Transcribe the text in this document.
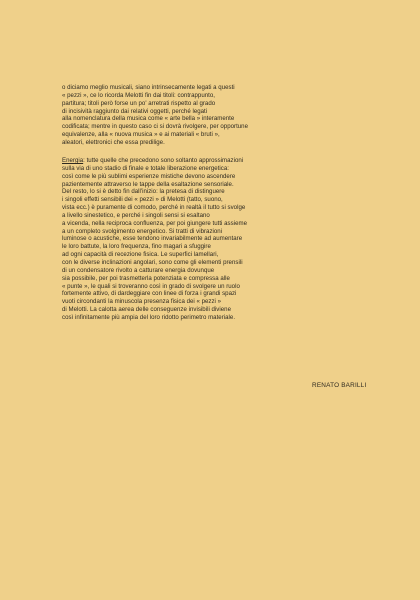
o diciamo meglio musicali, siano intrinsecamente legati a questi
« pezzi », ce lo ricorda Melotti fin dai titoli: contrappunto,
partitura; titoli però forse un po' arretrati rispetto al grado
di incisività raggiunto dai relativi oggetti, perché legati
alla nomenclatura della musica come « arte bella » interamente
codificata; mentre in questo caso ci si dovrà rivolgere, per opportune
equivalenze, alla « nuova musica » e ai materiali « bruti »,
aleatori, elettronici che essa predilige.
Energia: tutte quelle che precedono sono soltanto approssimazioni
sulla via di uno stadio di finale e totale liberazione energetica:
così come le più sublimi esperienze mistiche devono ascendere
pazientemente attraverso le tappe della esaltazione sensoriale.
Del resto, lo si è detto fin dall'inizio: la pretesa di distinguere
i singoli effetti sensibili dei « pezzi » di Melotti (tatto, suono,
vista ecc.) è puramente di comodo, perché in realtà il tutto si svolge
a livello sinestetico, e perché i singoli sensi si esaltano
a vicenda, nella reciproca confluenza, per poi giungere tutti assieme
a un completo svolgimento energetico. Si tratti di vibrazioni
luminose o acustiche, esse tendono invariabilmente ad aumentare
le loro battute, la loro frequenza, fino magari a sfuggire
ad ogni capacità di recezione fisica. Le superfici lamellari,
con le diverse inclinazioni angolari, sono come gli elementi prensili
di un condensatore rivolto a catturare energia dovunque
sia possibile, per poi trasmetterla potenziata e compressa alle
« punte », le quali si troveranno così in grado di svolgere un ruolo
fortemente attivo, di dardeggiare con linee di forza i grandi spazi
vuoti circondanti la minuscola presenza fisica dei « pezzi »
di Melotti. La calotta aerea delle conseguenze invisibili diviene
così infinitamente più ampia del loro ridotto perimetro materiale.
RENATO BARILLI
